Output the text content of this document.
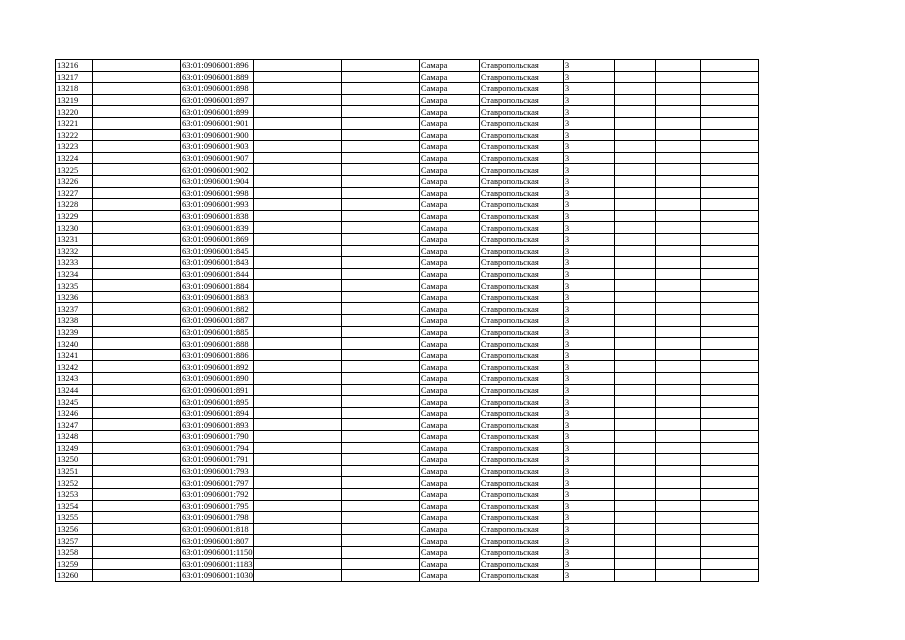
13216		63:01:0906001:896			Самара	Ставропольская	3			
13217		63:01:0906001:889			Самара	Ставропольская	3			
13218		63:01:0906001:898			Самара	Ставропольская	3			
13219		63:01:0906001:897			Самара	Ставропольская	3			
13220		63:01:0906001:899			Самара	Ставропольская	3			
13221		63:01:0906001:901			Самара	Ставропольская	3			
13222		63:01:0906001:900			Самара	Ставропольская	3			
13223		63:01:0906001:903			Самара	Ставропольская	3			
13224		63:01:0906001:907			Самара	Ставропольская	3			
13225		63:01:0906001:902			Самара	Ставропольская	3			
13226		63:01:0906001:904			Самара	Ставропольская	3			
13227		63:01:0906001:998			Самара	Ставропольская	3			
13228		63:01:0906001:993			Самара	Ставропольская	3			
13229		63:01:0906001:838			Самара	Ставропольская	3			
13230		63:01:0906001:839			Самара	Ставропольская	3			
13231		63:01:0906001:869			Самара	Ставропольская	3			
13232		63:01:0906001:845			Самара	Ставропольская	3			
13233		63:01:0906001:843			Самара	Ставропольская	3			
13234		63:01:0906001:844			Самара	Ставропольская	3			
13235		63:01:0906001:884			Самара	Ставропольская	3			
13236		63:01:0906001:883			Самара	Ставропольская	3			
13237		63:01:0906001:882			Самара	Ставропольская	3			
13238		63:01:0906001:887			Самара	Ставропольская	3			
13239		63:01:0906001:885			Самара	Ставропольская	3			
13240		63:01:0906001:888			Самара	Ставропольская	3			
13241		63:01:0906001:886			Самара	Ставропольская	3			
13242		63:01:0906001:892			Самара	Ставропольская	3			
13243		63:01:0906001:890			Самара	Ставропольская	3			
13244		63:01:0906001:891			Самара	Ставропольская	3			
13245		63:01:0906001:895			Самара	Ставропольская	3			
13246		63:01:0906001:894			Самара	Ставропольская	3			
13247		63:01:0906001:893			Самара	Ставропольская	3			
13248		63:01:0906001:790			Самара	Ставропольская	3			
13249		63:01:0906001:794			Самара	Ставропольская	3			
13250		63:01:0906001:791			Самара	Ставропольская	3			
13251		63:01:0906001:793			Самара	Ставропольская	3			
13252		63:01:0906001:797			Самара	Ставропольская	3			
13253		63:01:0906001:792			Самара	Ставропольская	3			
13254		63:01:0906001:795			Самара	Ставропольская	3			
13255		63:01:0906001:798			Самара	Ставропольская	3			
13256		63:01:0906001:818			Самара	Ставропольская	3			
13257		63:01:0906001:807			Самара	Ставропольская	3			
13258		63:01:0906001:1150			Самара	Ставропольская	3			
13259		63:01:0906001:1183			Самара	Ставропольская	3			
13260		63:01:0906001:1030			Самара	Ставропольская	3			
